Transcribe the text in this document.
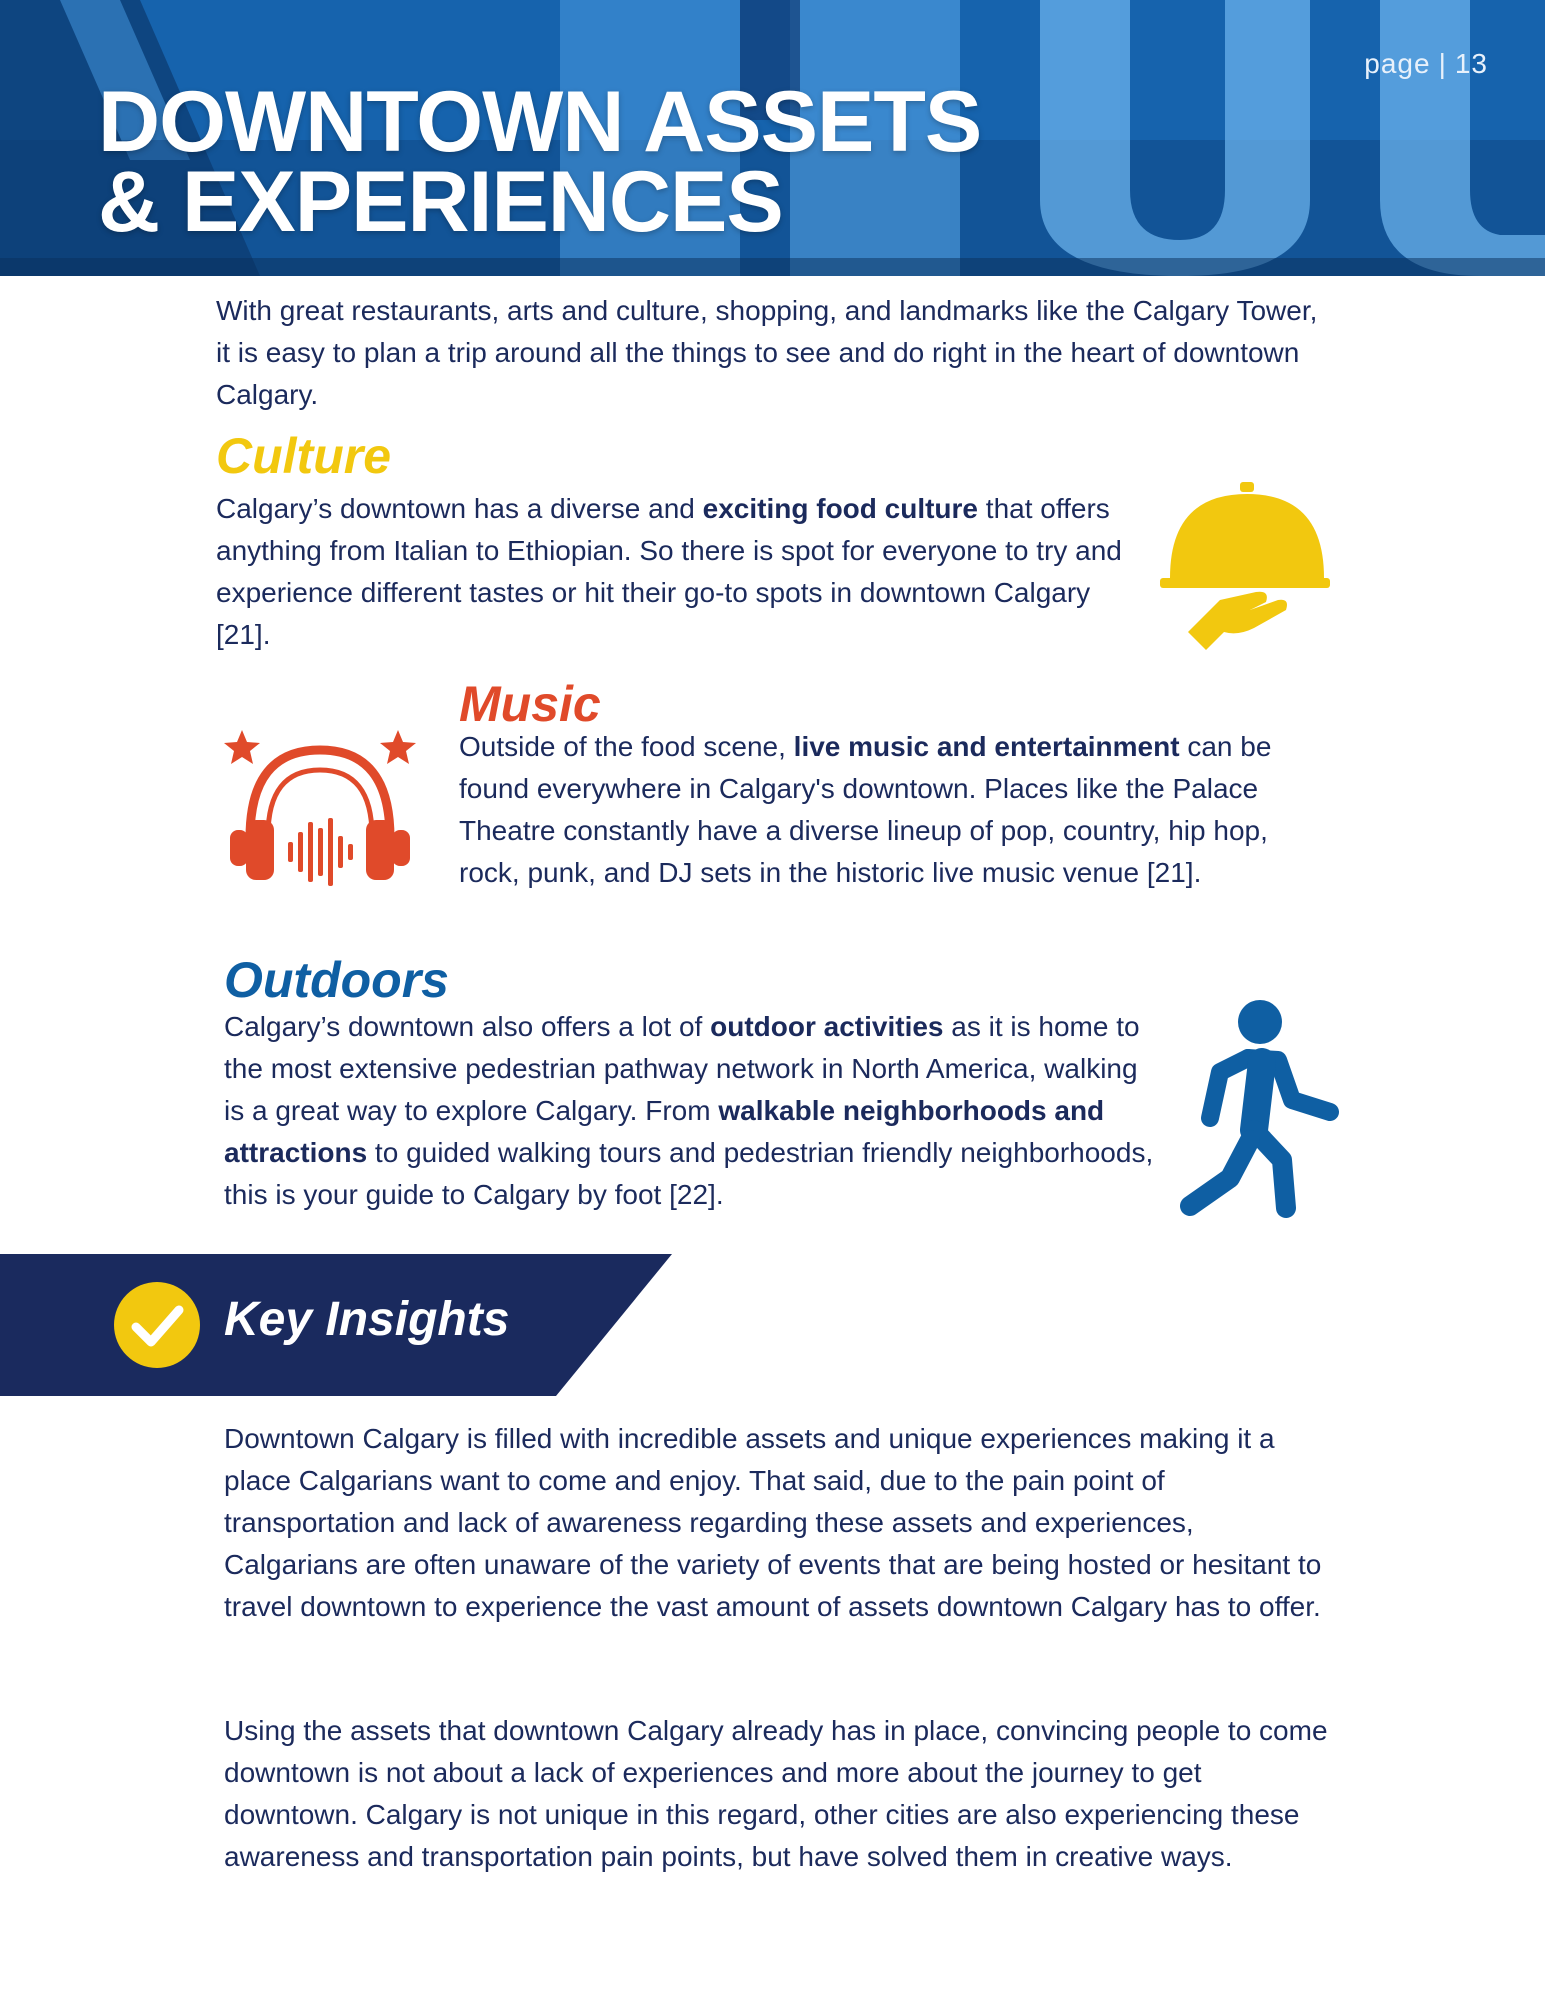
page | 13
DOWNTOWN ASSETS
& EXPERIENCES

With great restaurants, arts and culture, shopping, and landmarks like the Calgary Tower, it is easy to plan a trip around all the things to see and do right in the heart of downtown Calgary.

Culture

Calgary’s downtown has a diverse and exciting food culture that offers anything from Italian to Ethiopian. So there is spot for everyone to try and experience different tastes or hit their go-to spots in downtown Calgary [21].

Music

Outside of the food scene, live music and entertainment can be found everywhere in Calgary's downtown. Places like the Palace Theatre constantly have a diverse lineup of pop, country, hip hop, rock, punk, and DJ sets in the historic live music venue [21].

Outdoors

Calgary’s downtown also offers a lot of outdoor activities as it is home to the most extensive pedestrian pathway network in North America, walking is a great way to explore Calgary. From walkable neighborhoods and attractions to guided walking tours and pedestrian friendly neighborhoods, this is your guide to Calgary by foot [22].

Key Insights

Downtown Calgary is filled with incredible assets and unique experiences making it a place Calgarians want to come and enjoy. That said, due to the pain point of transportation and lack of awareness regarding these assets and experiences, Calgarians are often unaware of the variety of events that are being hosted or hesitant to travel downtown to experience the vast amount of assets downtown Calgary has to offer.

Using the assets that downtown Calgary already has in place, convincing people to come downtown is not about a lack of experiences and more about the journey to get downtown. Calgary is not unique in this regard, other cities are also experiencing these awareness and transportation pain points, but have solved them in creative ways.
